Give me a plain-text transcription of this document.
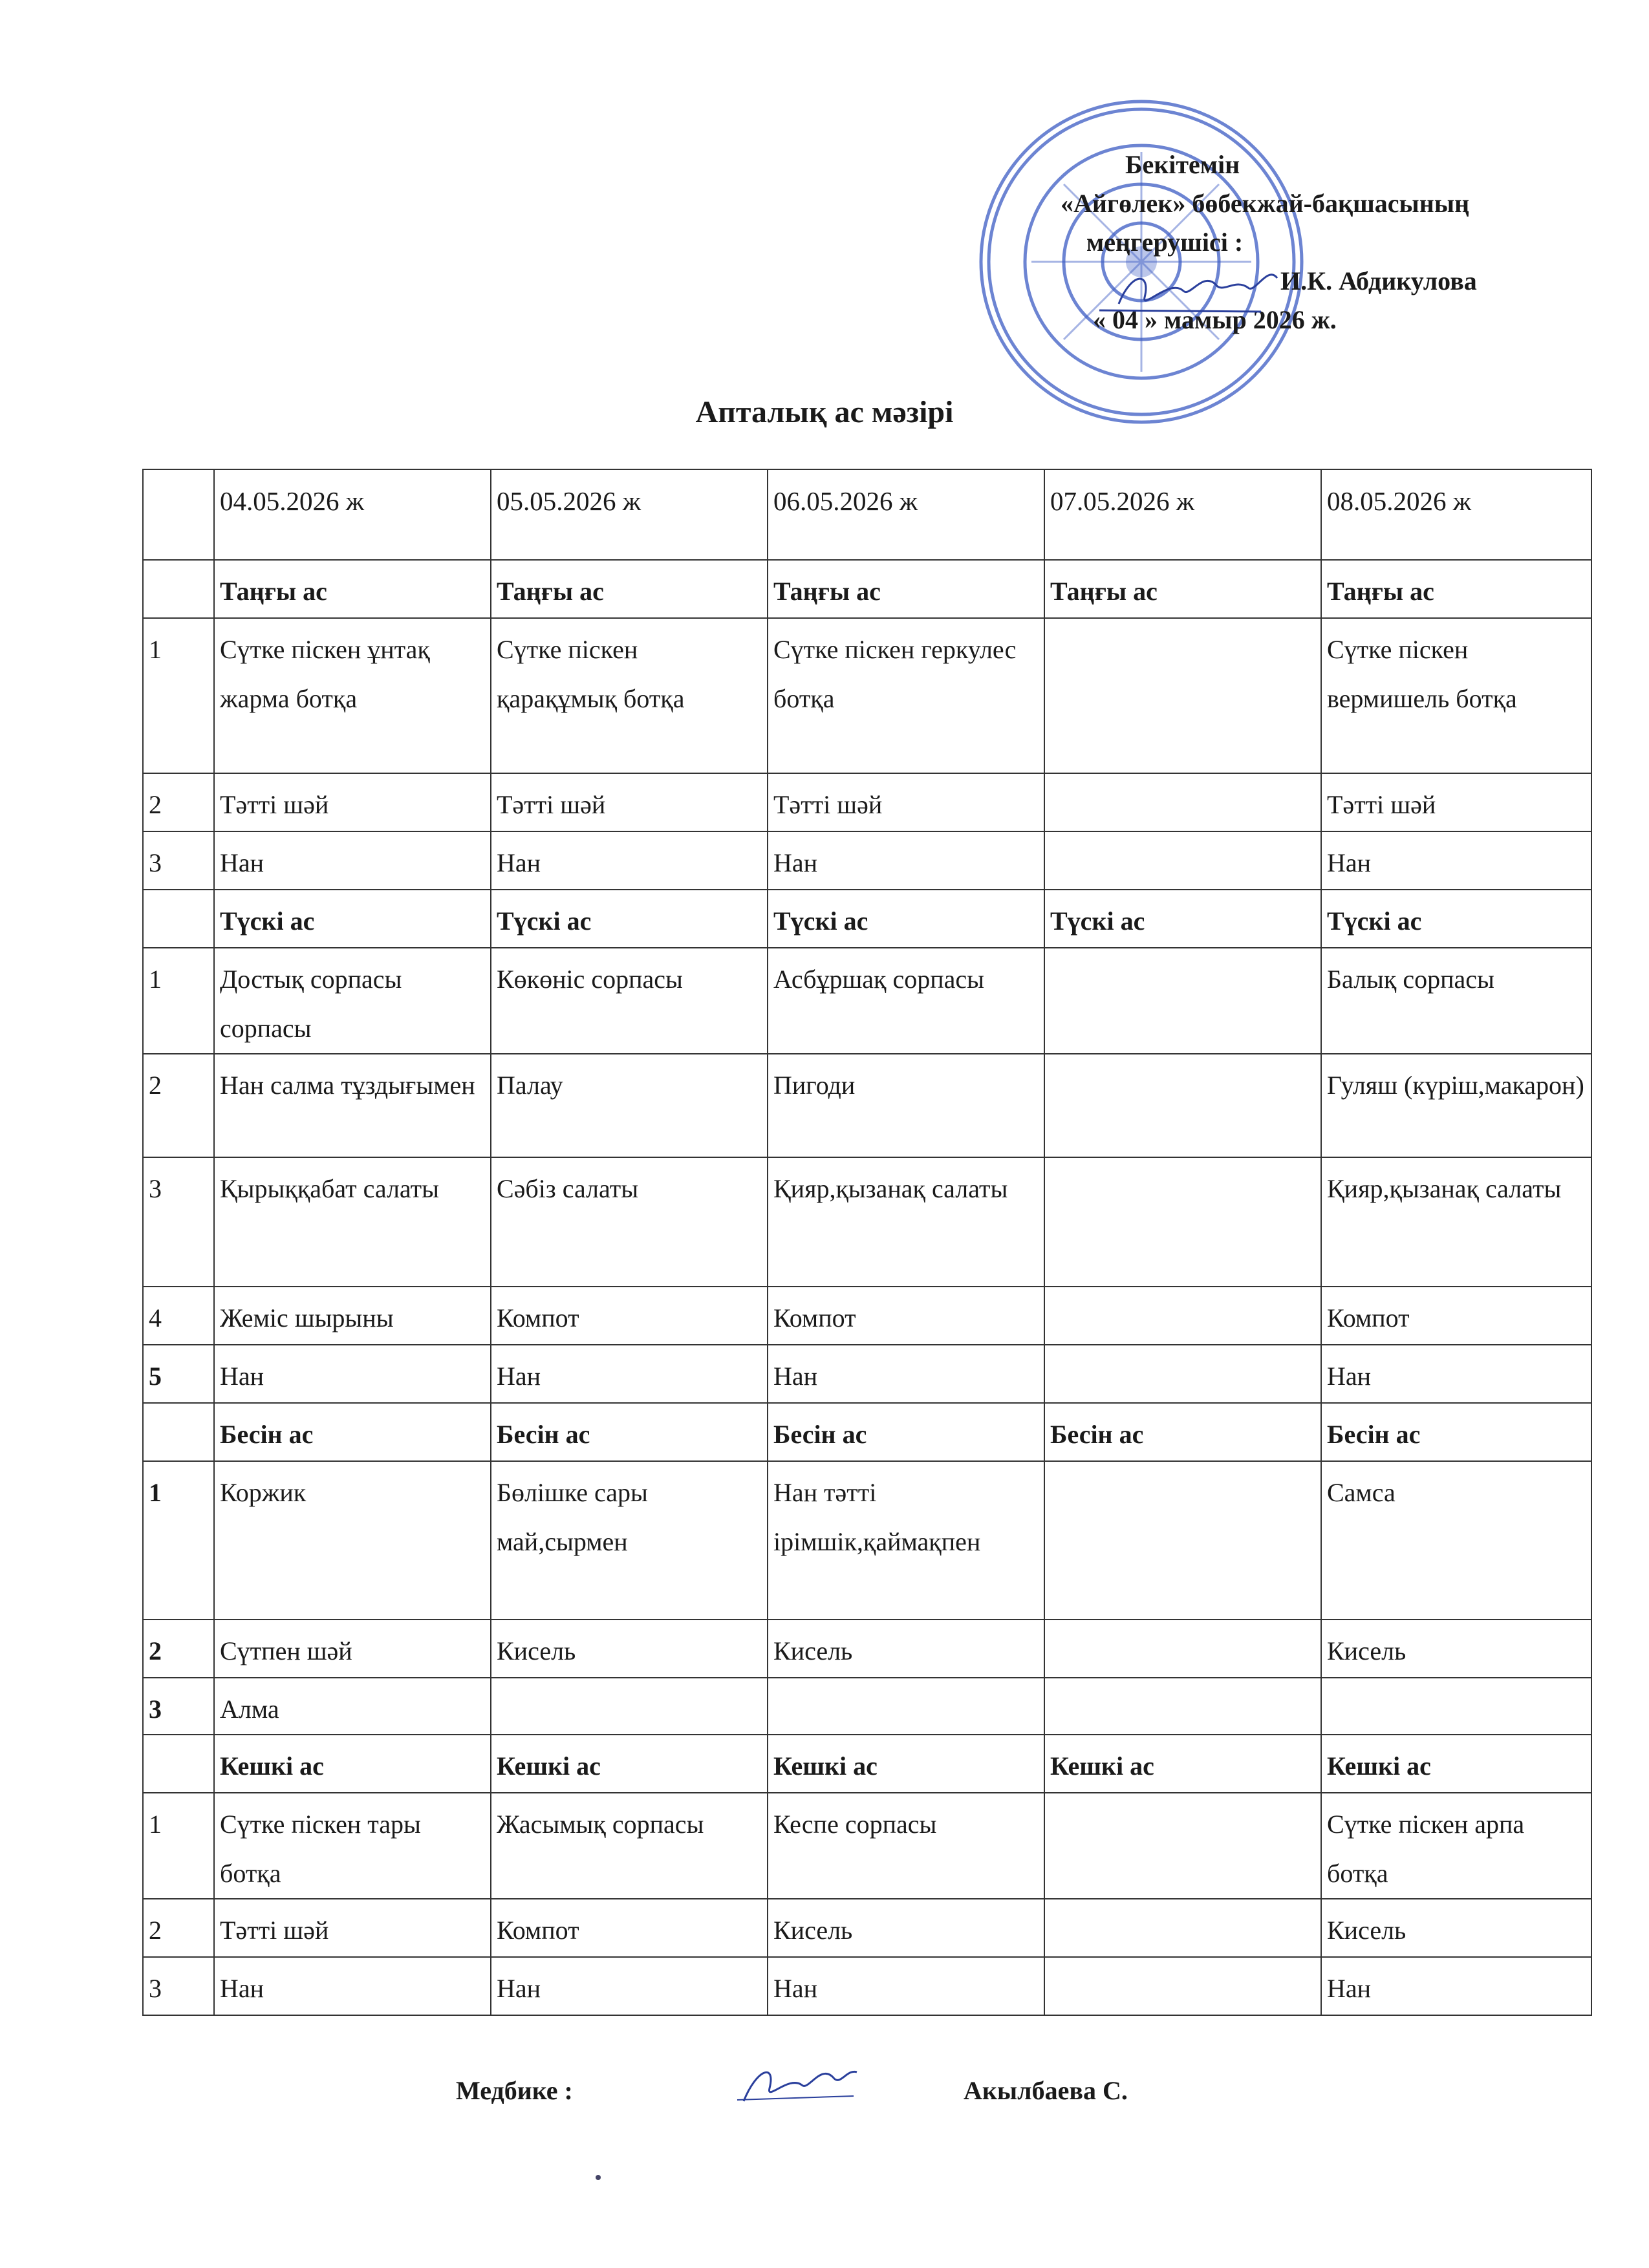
Бекітемін
«Айгөлек» бөбекжай-бақшасының
меңгерушісі :
И.К. Абдикулова
« 04 » мамыр 2026 ж.
Апталық ас мәзірі
	04.05.2026 ж	05.05.2026 ж	06.05.2026 ж	07.05.2026 ж	08.05.2026 ж
	Таңғы ас	Таңғы ас	Таңғы ас	Таңғы ас	Таңғы ас
1	Сүтке піскен ұнтақ жарма ботқа	Сүтке піскен қарақұмық ботқа	Сүтке піскен геркулес ботқа		Сүтке піскен вермишель ботқа
2	Тәтті шәй	Тәтті шәй	Тәтті шәй		Тәтті шәй
3	Нан	Нан	Нан		Нан
	Түскі ас	Түскі ас	Түскі ас	Түскі ас	Түскі ас
1	Достық сорпасы сорпасы	Көкөніс сорпасы	Асбұршақ сорпасы		Балық сорпасы
2	Нан салма тұздығымен	Палау	Пигоди		Гуляш (күріш,макарон)
3	Қырыққабат салаты	Сәбіз салаты	Қияр,қызанақ салаты		Қияр,қызанақ салаты
4	Жеміс шырыны	Компот	Компот		Компот
5	Нан	Нан	Нан		Нан
	Бесін ас	Бесін ас	Бесін ас	Бесін ас	Бесін ас
1	Коржик	Бөлішке сары май,сырмен	Нан тәтті ірімшік,қаймақпен		Самса
2	Сүтпен шәй	Кисель	Кисель		Кисель
3	Алма				
	Кешкі ас	Кешкі ас	Кешкі ас	Кешкі ас	Кешкі ас
1	Сүтке піскен тары ботқа	Жасымық сорпасы	Кеспе сорпасы		Сүтке піскен арпа ботқа
2	Тәтті шәй	Компот	Кисель		Кисель
3	Нан	Нан	Нан		Нан
Медбике :	Акылбаева С.
